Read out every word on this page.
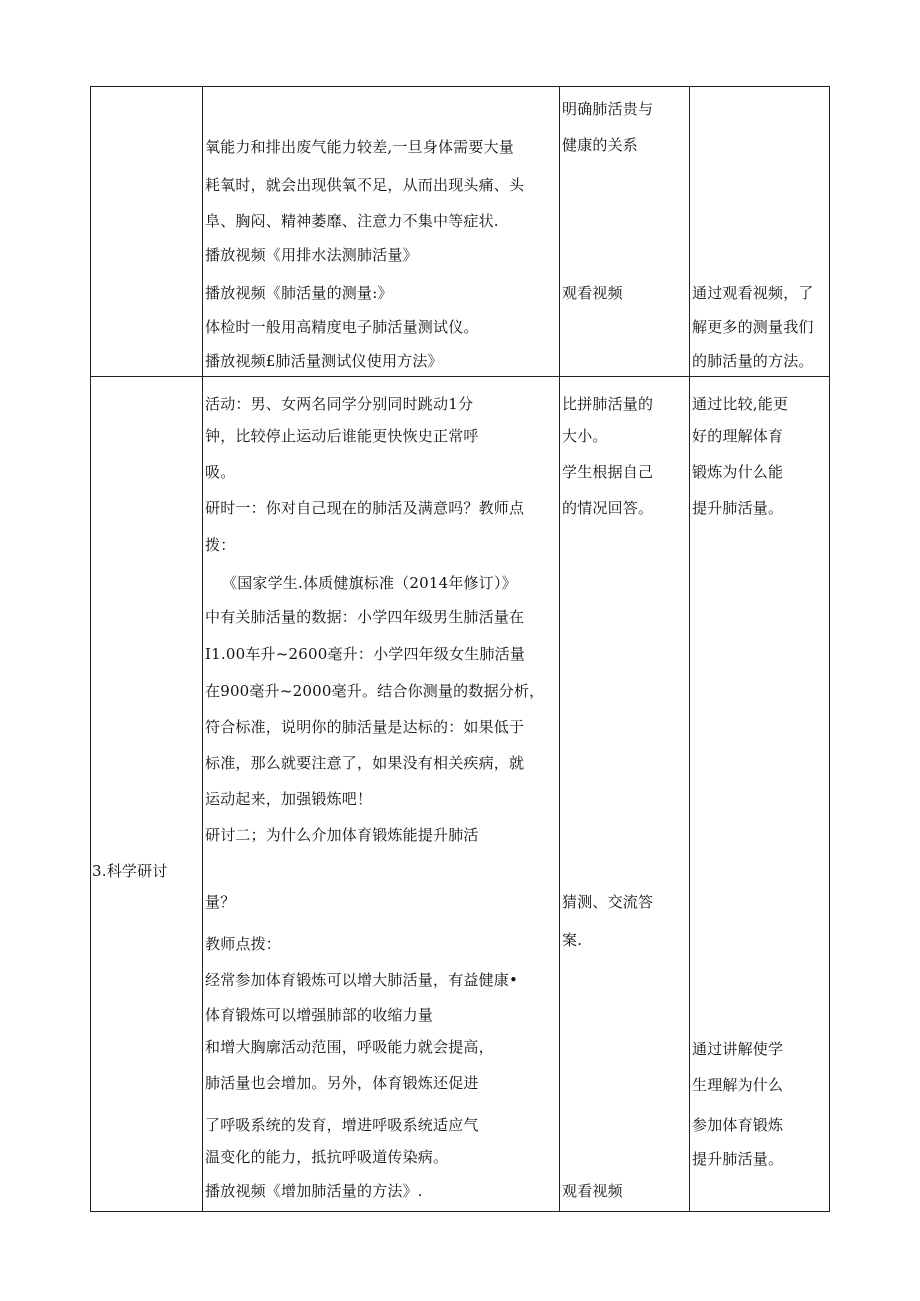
氧能力和排出废气能力较差,一旦身体需要大量
耗氧时，就会出现供氧不足，从而出现头痛、头
阜、胸闷、精神萎靡、注意力不集中等症状.
播放视频《用排水法测肺活量》
播放视频《肺活量的测量:》
体检时一般用高精度电子肺活量测试仪。
播放视频£肺活量测试仪使用方法》
明确肺活贵与
健康的关系
观看视频	通过观看视频，了
解更多的测量我们
的肺活量的方法。
3.科学研讨
活动：男、女两名同学分别同时跳动1分
钟，比较停止运动后谁能更快恢史正常呼
吸。
研时一：你对自己现在的肺活及满意吗？教师点
拨：
《国家学生.体质健旗标准（2014年修订）》
中有关肺活量的数据：小学四年级男生肺活量在
I1.00车升~2600毫升：小学四年级女生肺活量
在900毫升~2000毫升。结合你测量的数据分析，
符合标准，说明你的肺活量是达标的：如果低于
标准，那么就要注意了，如果没有相关疾病，就
运动起来，加强锻炼吧！
研讨二；为什么介加体育锻炼能提升肺活
量？
教师点拨：
经常参加体育锻炼可以增大肺活量，有益健康•
体育锻炼可以增强肺部的收缩力量
和增大胸廓活动范围，呼吸能力就会提高，
肺活量也会增加。另外，体育锻炼还促进
了呼吸系统的发育，增进呼吸系统适应气
温变化的能力，抵抗呼吸道传染病。
播放视频《增加肺活量的方法》.
比拼肺活量的
大小。
学生根据自己
的情况回答。
猜测、交流答
案.
观看视频
通过比较,能更
好的理解体育
锻炼为什么能
提升肺活量。
通过讲解使学
生理解为什么
参加体育锻炼
提升肺活量。
